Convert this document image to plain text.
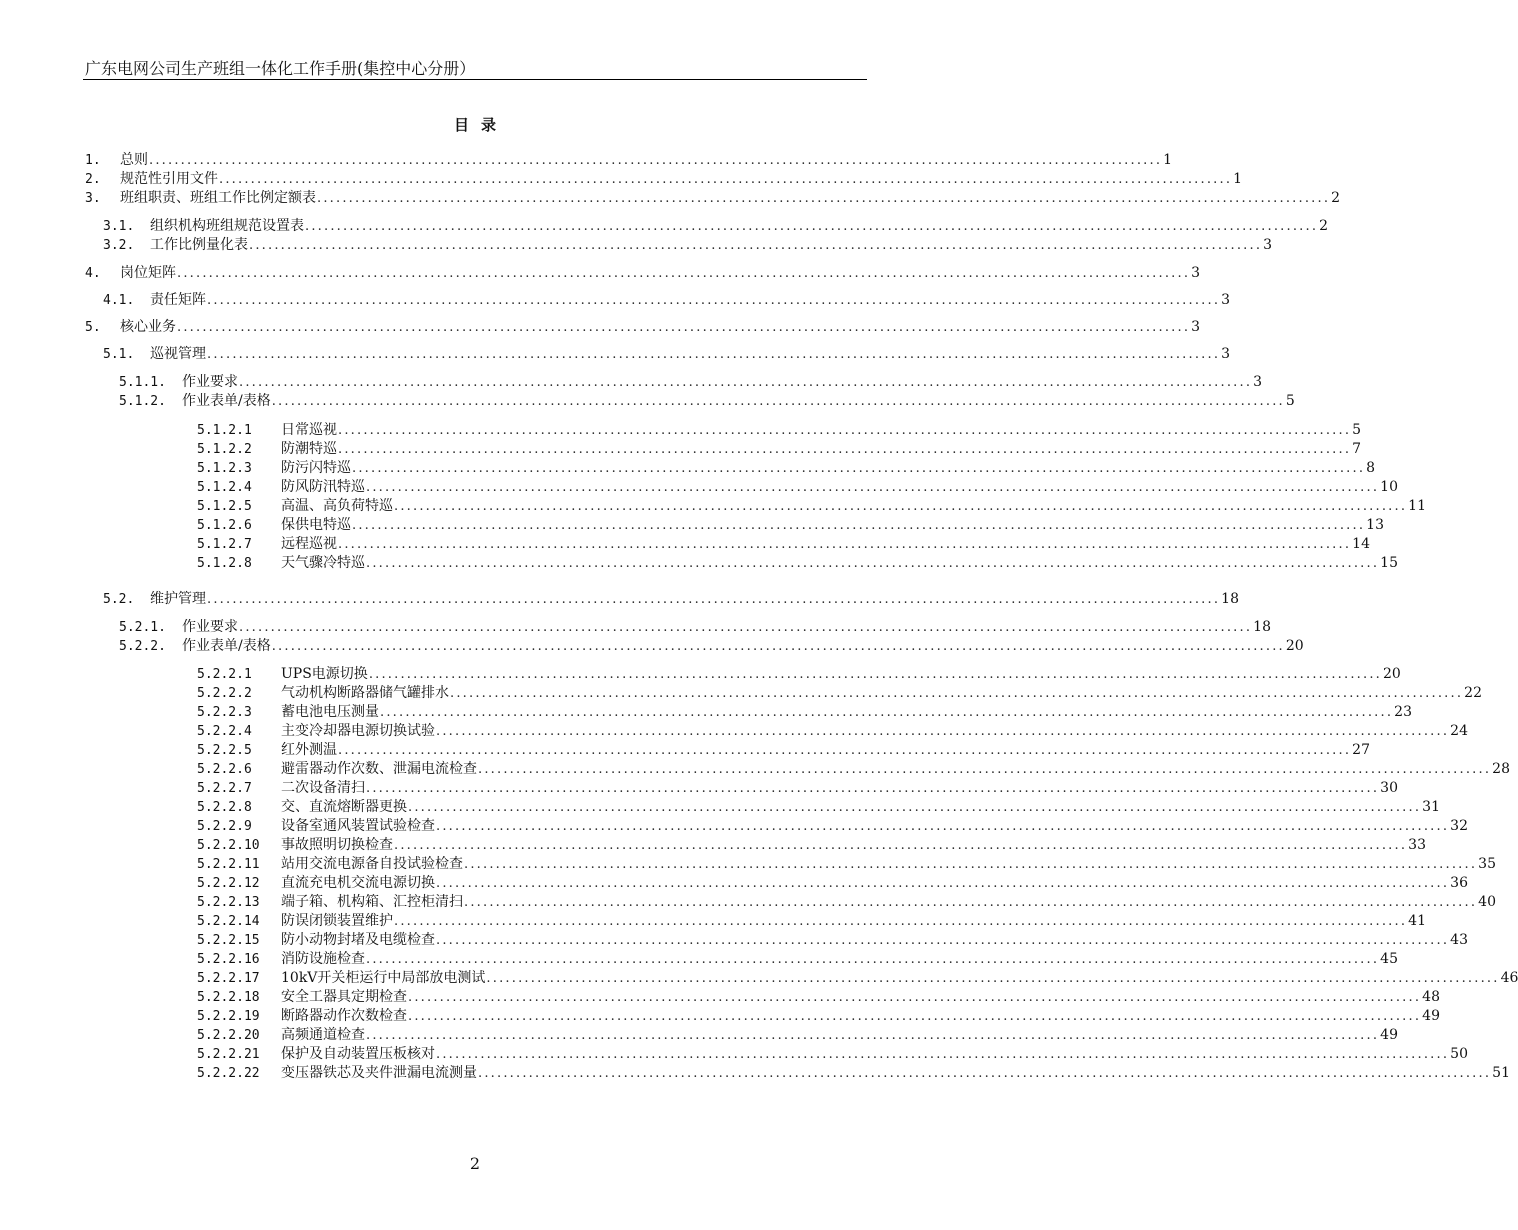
广东电网公司生产班组一体化工作手册(集控中心分册）
目录
1.	总则 ................................................................................................................................................................ 1
2.	规范性引用文件 ................................................................................................................................................................ 1
3.	班组职责、班组工作比例定额表 ................................................................................................................................................................ 2
3.1.	组织机构班组规范设置表 ................................................................................................................................................................ 2
3.2.	工作比例量化表 ................................................................................................................................................................ 3
4.	岗位矩阵 ................................................................................................................................................................ 3
4.1.	责任矩阵 ................................................................................................................................................................ 3
5.	核心业务 ................................................................................................................................................................ 3
5.1.	巡视管理 ................................................................................................................................................................ 3
5.1.1.	作业要求 ................................................................................................................................................................ 3
5.1.2.	作业表单/表格 ................................................................................................................................................................ 5
5.1.2.1	日常巡视 ................................................................................................................................................................ 5
5.1.2.2	防潮特巡 ................................................................................................................................................................ 7
5.1.2.3	防污闪特巡 ................................................................................................................................................................ 8
5.1.2.4	防风防汛特巡 ................................................................................................................................................................ 10
5.1.2.5	高温、高负荷特巡 ................................................................................................................................................................ 11
5.1.2.6	保供电特巡 ................................................................................................................................................................ 13
5.1.2.7	远程巡视 ................................................................................................................................................................ 14
5.1.2.8	天气骤冷特巡 ................................................................................................................................................................ 15
5.2.	维护管理 ................................................................................................................................................................ 18
5.2.1.	作业要求 ................................................................................................................................................................ 18
5.2.2.	作业表单/表格 ................................................................................................................................................................ 20
5.2.2.1	UPS电源切换 ................................................................................................................................................................ 20
5.2.2.2	气动机构断路器储气罐排水 ................................................................................................................................................................ 22
5.2.2.3	蓄电池电压测量 ................................................................................................................................................................ 23
5.2.2.4	主变冷却器电源切换试验 ................................................................................................................................................................ 24
5.2.2.5	红外测温 ................................................................................................................................................................ 27
5.2.2.6	避雷器动作次数、泄漏电流检查 ................................................................................................................................................................ 28
5.2.2.7	二次设备清扫 ................................................................................................................................................................ 30
5.2.2.8	交、直流熔断器更换 ................................................................................................................................................................ 31
5.2.2.9	设备室通风装置试验检查 ................................................................................................................................................................ 32
5.2.2.10	事故照明切换检查 ................................................................................................................................................................ 33
5.2.2.11	站用交流电源备自投试验检查 ................................................................................................................................................................ 35
5.2.2.12	直流充电机交流电源切换 ................................................................................................................................................................ 36
5.2.2.13	端子箱、机构箱、汇控柜清扫 ................................................................................................................................................................ 40
5.2.2.14	防误闭锁装置维护 ................................................................................................................................................................ 41
5.2.2.15	防小动物封堵及电缆检查 ................................................................................................................................................................ 43
5.2.2.16	消防设施检查 ................................................................................................................................................................ 45
5.2.2.17	10kV开关柜运行中局部放电测试 ................................................................................................................................................................ 46
5.2.2.18	安全工器具定期检查 ................................................................................................................................................................ 48
5.2.2.19	断路器动作次数检查 ................................................................................................................................................................ 49
5.2.2.20	高频通道检查 ................................................................................................................................................................ 49
5.2.2.21	保护及自动装置压板核对 ................................................................................................................................................................ 50
5.2.2.22	变压器铁芯及夹件泄漏电流测量 ................................................................................................................................................................ 51
2
